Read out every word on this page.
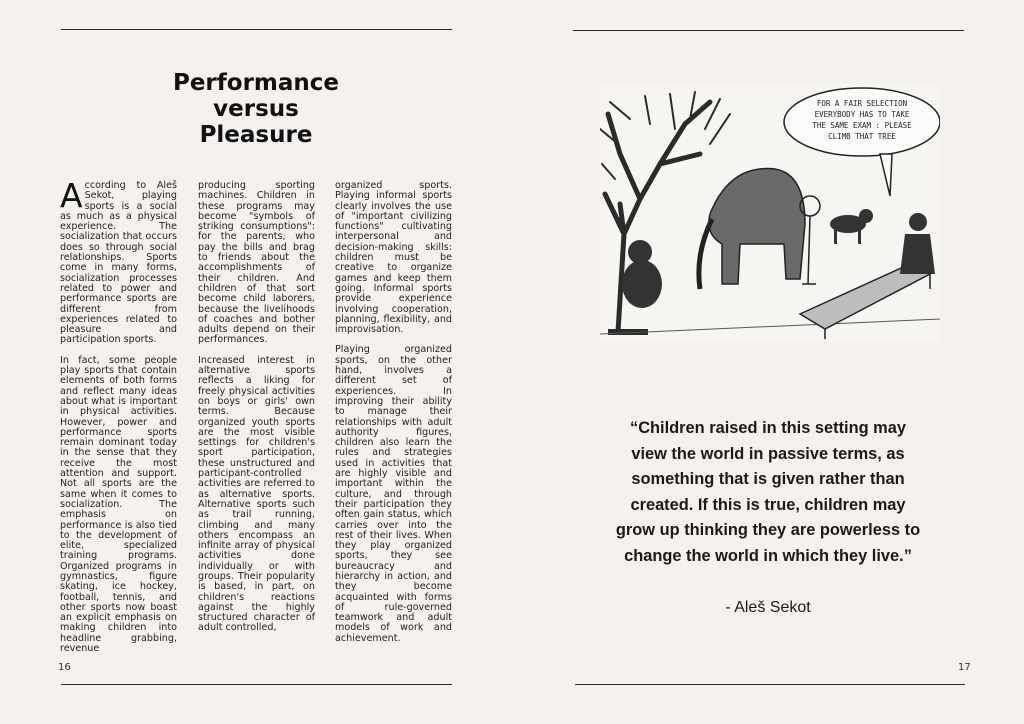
Performance
versus
Pleasure

According to Aleš Sekot, playing sports is a social as much as a physical experience. The socialization that occurs does so through social relationships. Sports come in many forms, socialization processes related to power and performance sports are different from experiences related to pleasure and participation sports.

In fact, some people play sports that contain elements of both forms and reflect many ideas about what is important in physical activities. However, power and performance sports remain dominant today in the sense that they receive the most attention and support. Not all sports are the same when it comes to socialization. The emphasis on performance is also tied to the development of elite, specialized training programs. Organized programs in gymnastics, figure skating, ice hockey, football, tennis, and other sports now boast an explicit emphasis on making children into headline grabbing, revenue

producing sporting machines. Children in these programs may become "symbols of striking consumptions": for the parents, who pay the bills and brag to friends about the accomplishments of their children. And children of that sort become child laborers, because the livelihoods of coaches and bother adults depend on their performances.

Increased interest in alternative sports reflects a liking for freely physical activities on boys or girls' own terms. Because organized youth sports are the most visible settings for children's sport participation, these unstructured and participant-controlled activities are referred to as alternative sports. Alternative sports such as trail running, climbing and many others encompass an infinite array of physical activities done individually or with groups. Their popularity is based, in part, on children's reactions against the highly structured character of adult controlled,

organized sports. Playing informal sports clearly involves the use of "important civilizing functions" cultivating interpersonal and decision-making skills: children must be creative to organize games and keep them going. Informal sports provide experience involving cooperation, planning, flexibility, and improvisation.

Playing organized sports, on the other hand, involves a different set of experiences. In improving their ability to manage their relationships with adult authority figures, children also learn the rules and strategies used in activities that are highly visible and important within the culture, and through their participation they often gain status, which carries over into the rest of their lives. When they play organized sports, they see bureaucracy and hierarchy in action, and they become acquainted with forms of rule-governed teamwork and adult models of work and achievement.

16
FOR A FAIR SELECTION
EVERYBODY HAS TO TAKE
THE SAME EXAM : PLEASE
CLIMB THAT TREE
“Children raised in this setting may
view the world in passive terms, as
something that is given rather than
created. If this is true, children may
grow up thinking they are powerless to
change the world in which they live.”
- Aleš Sekot
17
